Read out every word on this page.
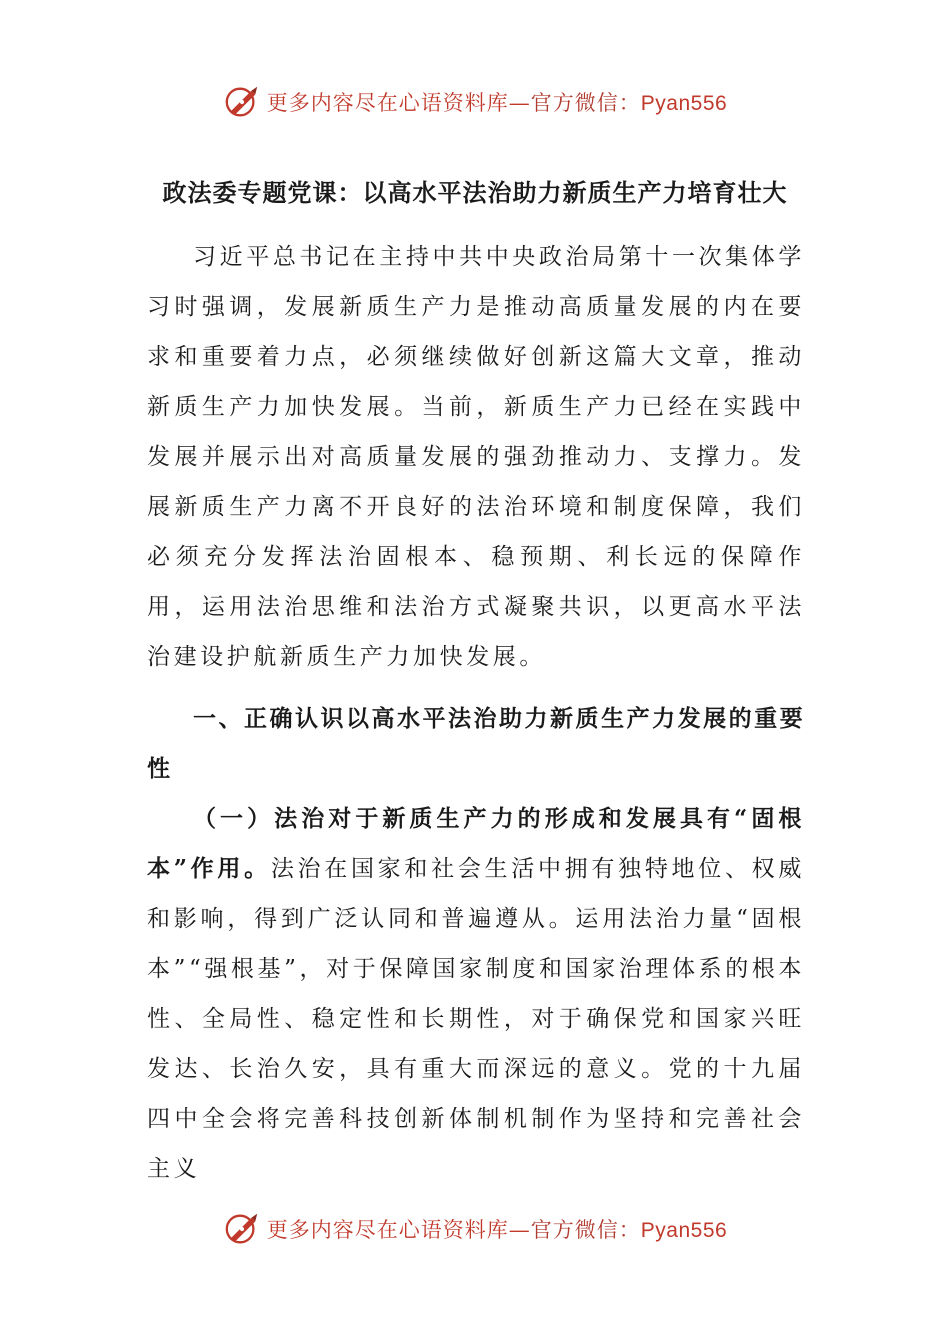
更多内容尽在心语资料库—官方微信：Pyan556
政法委专题党课：以高水平法治助力新质生产力培育壮大

习近平总书记在主持中共中央政治局第十一次集体学习时强调，发展新质生产力是推动高质量发展的内在要求和重要着力点，必须继续做好创新这篇大文章，推动新质生产力加快发展。当前，新质生产力已经在实践中发展并展示出对高质量发展的强劲推动力、支撑力。发展新质生产力离不开良好的法治环境和制度保障，我们必须充分发挥法治固根本、稳预期、利长远的保障作用，运用法治思维和法治方式凝聚共识，以更高水平法治建设护航新质生产力加快发展。

一、正确认识以高水平法治助力新质生产力发展的重要性

（一）法治对于新质生产力的形成和发展具有“固根本”作用。法治在国家和社会生活中拥有独特地位、权威和影响，得到广泛认同和普遍遵从。运用法治力量“固根本”“强根基”，对于保障国家制度和国家治理体系的根本性、全局性、稳定性和长期性，对于确保党和国家兴旺发达、长治久安，具有重大而深远的意义。党的十九届四中全会将完善科技创新体制机制作为坚持和完善社会主义

更多内容尽在心语资料库—官方微信：Pyan556
